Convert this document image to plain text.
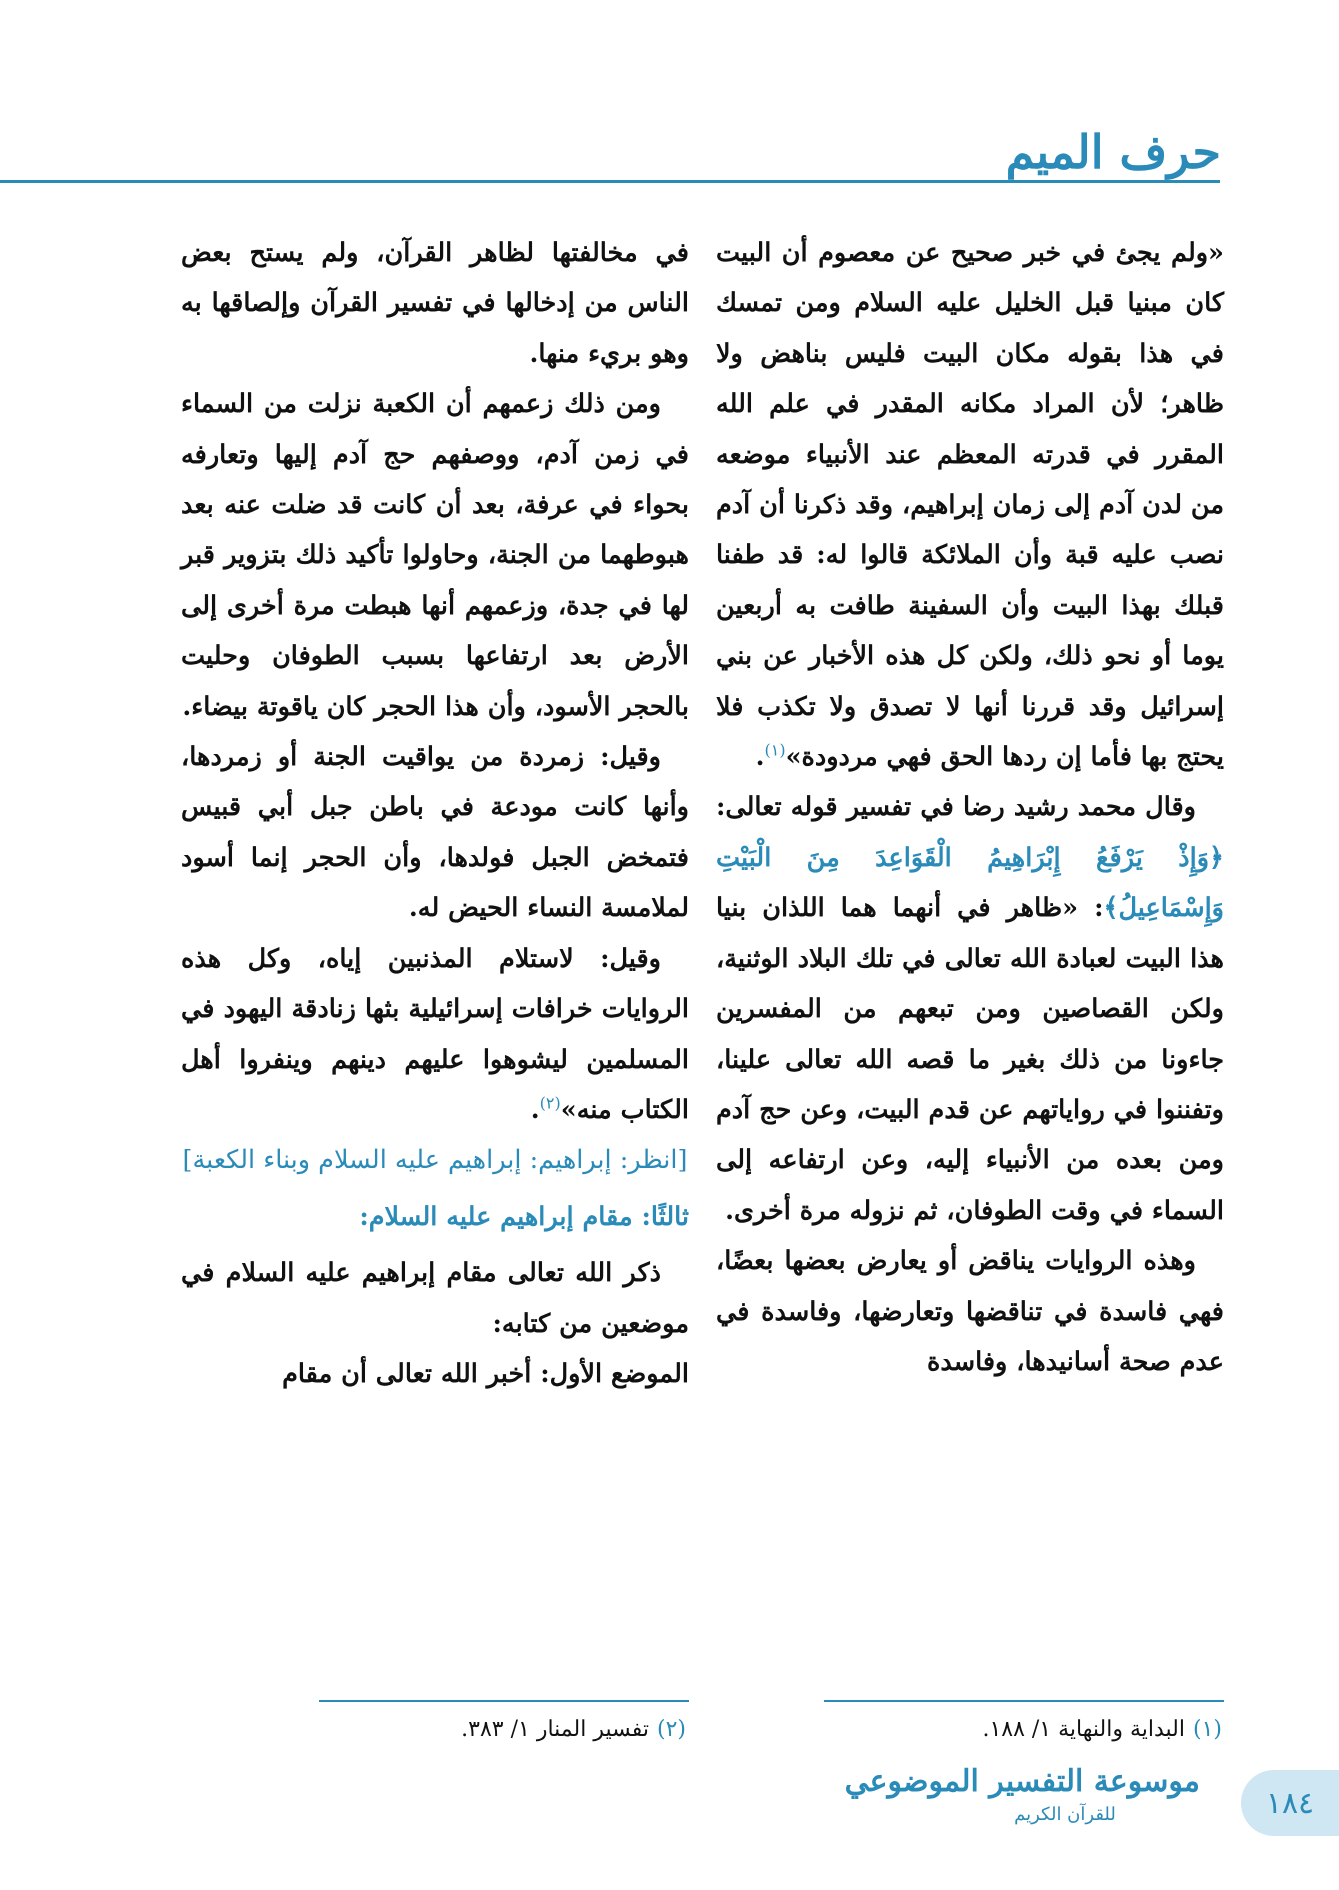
حرف الميم

«ولم يجئ في خبر صحيح عن معصوم أن البيت كان مبنيا قبل الخليل عليه السلام ومن تمسك في هذا بقوله مكان البيت فليس بناهض ولا ظاهر؛ لأن المراد مكانه المقدر في علم الله المقرر في قدرته المعظم عند الأنبياء موضعه من لدن آدم إلى زمان إبراهيم، وقد ذكرنا أن آدم نصب عليه قبة وأن الملائكة قالوا له: قد طفنا قبلك بهذا البيت وأن السفينة طافت به أربعين يوما أو نحو ذلك، ولكن كل هذه الأخبار عن بني إسرائيل وقد قررنا أنها لا تصدق ولا تكذب فلا يحتج بها فأما إن ردها الحق فهي مردودة»$^{(١)}$.

وقال محمد رشيد رضا في تفسير قوله تعالى: ﴿وَإِذْ يَرْفَعُ إِبْرَاهِيمُ الْقَوَاعِدَ مِنَ الْبَيْتِ وَإِسْمَاعِيلُ﴾: «ظاهر في أنهما هما اللذان بنيا هذا البيت لعبادة الله تعالى في تلك البلاد الوثنية، ولكن القصاصين ومن تبعهم من المفسرين جاءونا من ذلك بغير ما قصه الله تعالى علينا، وتفننوا في رواياتهم عن قدم البيت، وعن حج آدم ومن بعده من الأنبياء إليه، وعن ارتفاعه إلى السماء في وقت الطوفان، ثم نزوله مرة أخرى.

وهذه الروايات يناقض أو يعارض بعضها بعضًا، فهي فاسدة في تناقضها وتعارضها، وفاسدة في عدم صحة أسانيدها، وفاسدة

في مخالفتها لظاهر القرآن، ولم يستح بعض الناس من إدخالها في تفسير القرآن وإلصاقها به وهو بريء منها.

ومن ذلك زعمهم أن الكعبة نزلت من السماء في زمن آدم، ووصفهم حج آدم إليها وتعارفه بحواء في عرفة، بعد أن كانت قد ضلت عنه بعد هبوطهما من الجنة، وحاولوا تأكيد ذلك بتزوير قبر لها في جدة، وزعمهم أنها هبطت مرة أخرى إلى الأرض بعد ارتفاعها بسبب الطوفان وحليت بالحجر الأسود، وأن هذا الحجر كان ياقوتة بيضاء.

وقيل: زمردة من يواقيت الجنة أو زمردها، وأنها كانت مودعة في باطن جبل أبي قبيس فتمخض الجبل فولدها، وأن الحجر إنما أسود لملامسة النساء الحيض له.

وقيل: لاستلام المذنبين إياه، وكل هذه الروايات خرافات إسرائيلية بثها زنادقة اليهود في المسلمين ليشوهوا عليهم دينهم وينفروا أهل الكتاب منه»$^{(٢)}$.

[انظر: إبراهيم: إبراهيم عليه السلام وبناء الكعبة]

ثالثًا: مقام إبراهيم عليه السلام:

ذكر الله تعالى مقام إبراهيم عليه السلام في موضعين من كتابه:

الموضع الأول: أخبر الله تعالى أن مقام

(١)البداية والنهاية ١/ ١٨٨.
(٢)تفسير المنار ١/ ٣٨٣.
١٨٤
موسوعة التفسير الموضوعي
للقرآن الكريم
